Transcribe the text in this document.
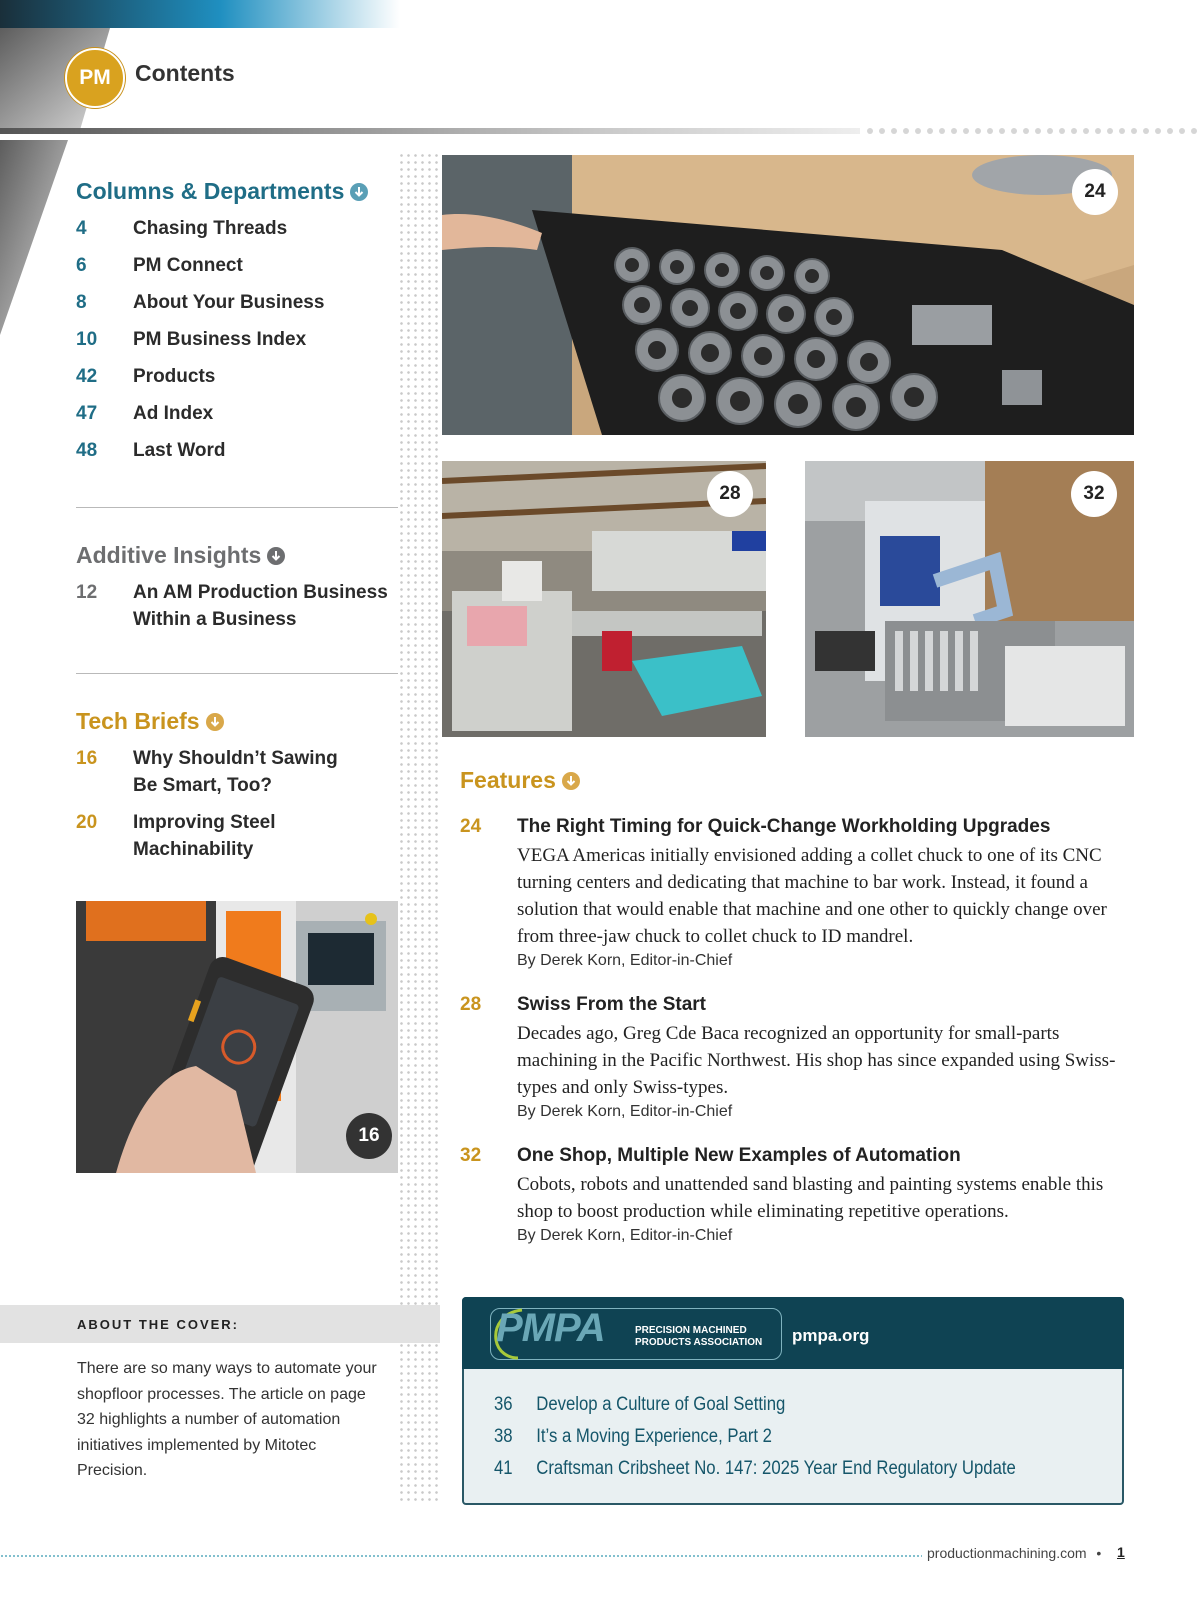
PM	Contents
Columns & Departments
4	Chasing Threads
6	PM Connect
8	About Your Business
10	PM Business Index
42	Products
47	Ad Index
48	Last Word
Additive Insights
12	An AM Production Business Within a Business
Tech Briefs
16	Why Shouldn’t Sawing Be Smart, Too?
20	Improving Steel Machinability
16
ABOUT THE COVER:
There are so many ways to automate your shopfloor processes. The article on page 32 highlights a number of automation initiatives implemented by Mitotec Precision.
24
28	32
Features
24	The Right Timing for Quick-Change Workholding Upgrades
VEGA Americas initially envisioned adding a collet chuck to one of its CNC turning centers and dedicating that machine to bar work. Instead, it found a solution that would enable that machine and one other to quickly change over from three-jaw chuck to collet chuck to ID mandrel.
By Derek Korn, Editor-in-Chief
28	Swiss From the Start
Decades ago, Greg Cde Baca recognized an opportunity for small-parts machining in the Pacific Northwest. His shop has since expanded using Swiss-types and only Swiss-types.
By Derek Korn, Editor-in-Chief
32	One Shop, Multiple New Examples of Automation
Cobots, robots and unattended sand blasting and painting systems enable this shop to boost production while eliminating repetitive operations.
By Derek Korn, Editor-in-Chief
PMPA	PRECISION MACHINED
PRODUCTS ASSOCIATION pmpa.org
36	Develop a Culture of Goal Setting
38	It’s a Moving Experience, Part 2
41	Craftsman Cribsheet No. 147: 2025 Year End Regulatory Update
productionmachining.com •	1
